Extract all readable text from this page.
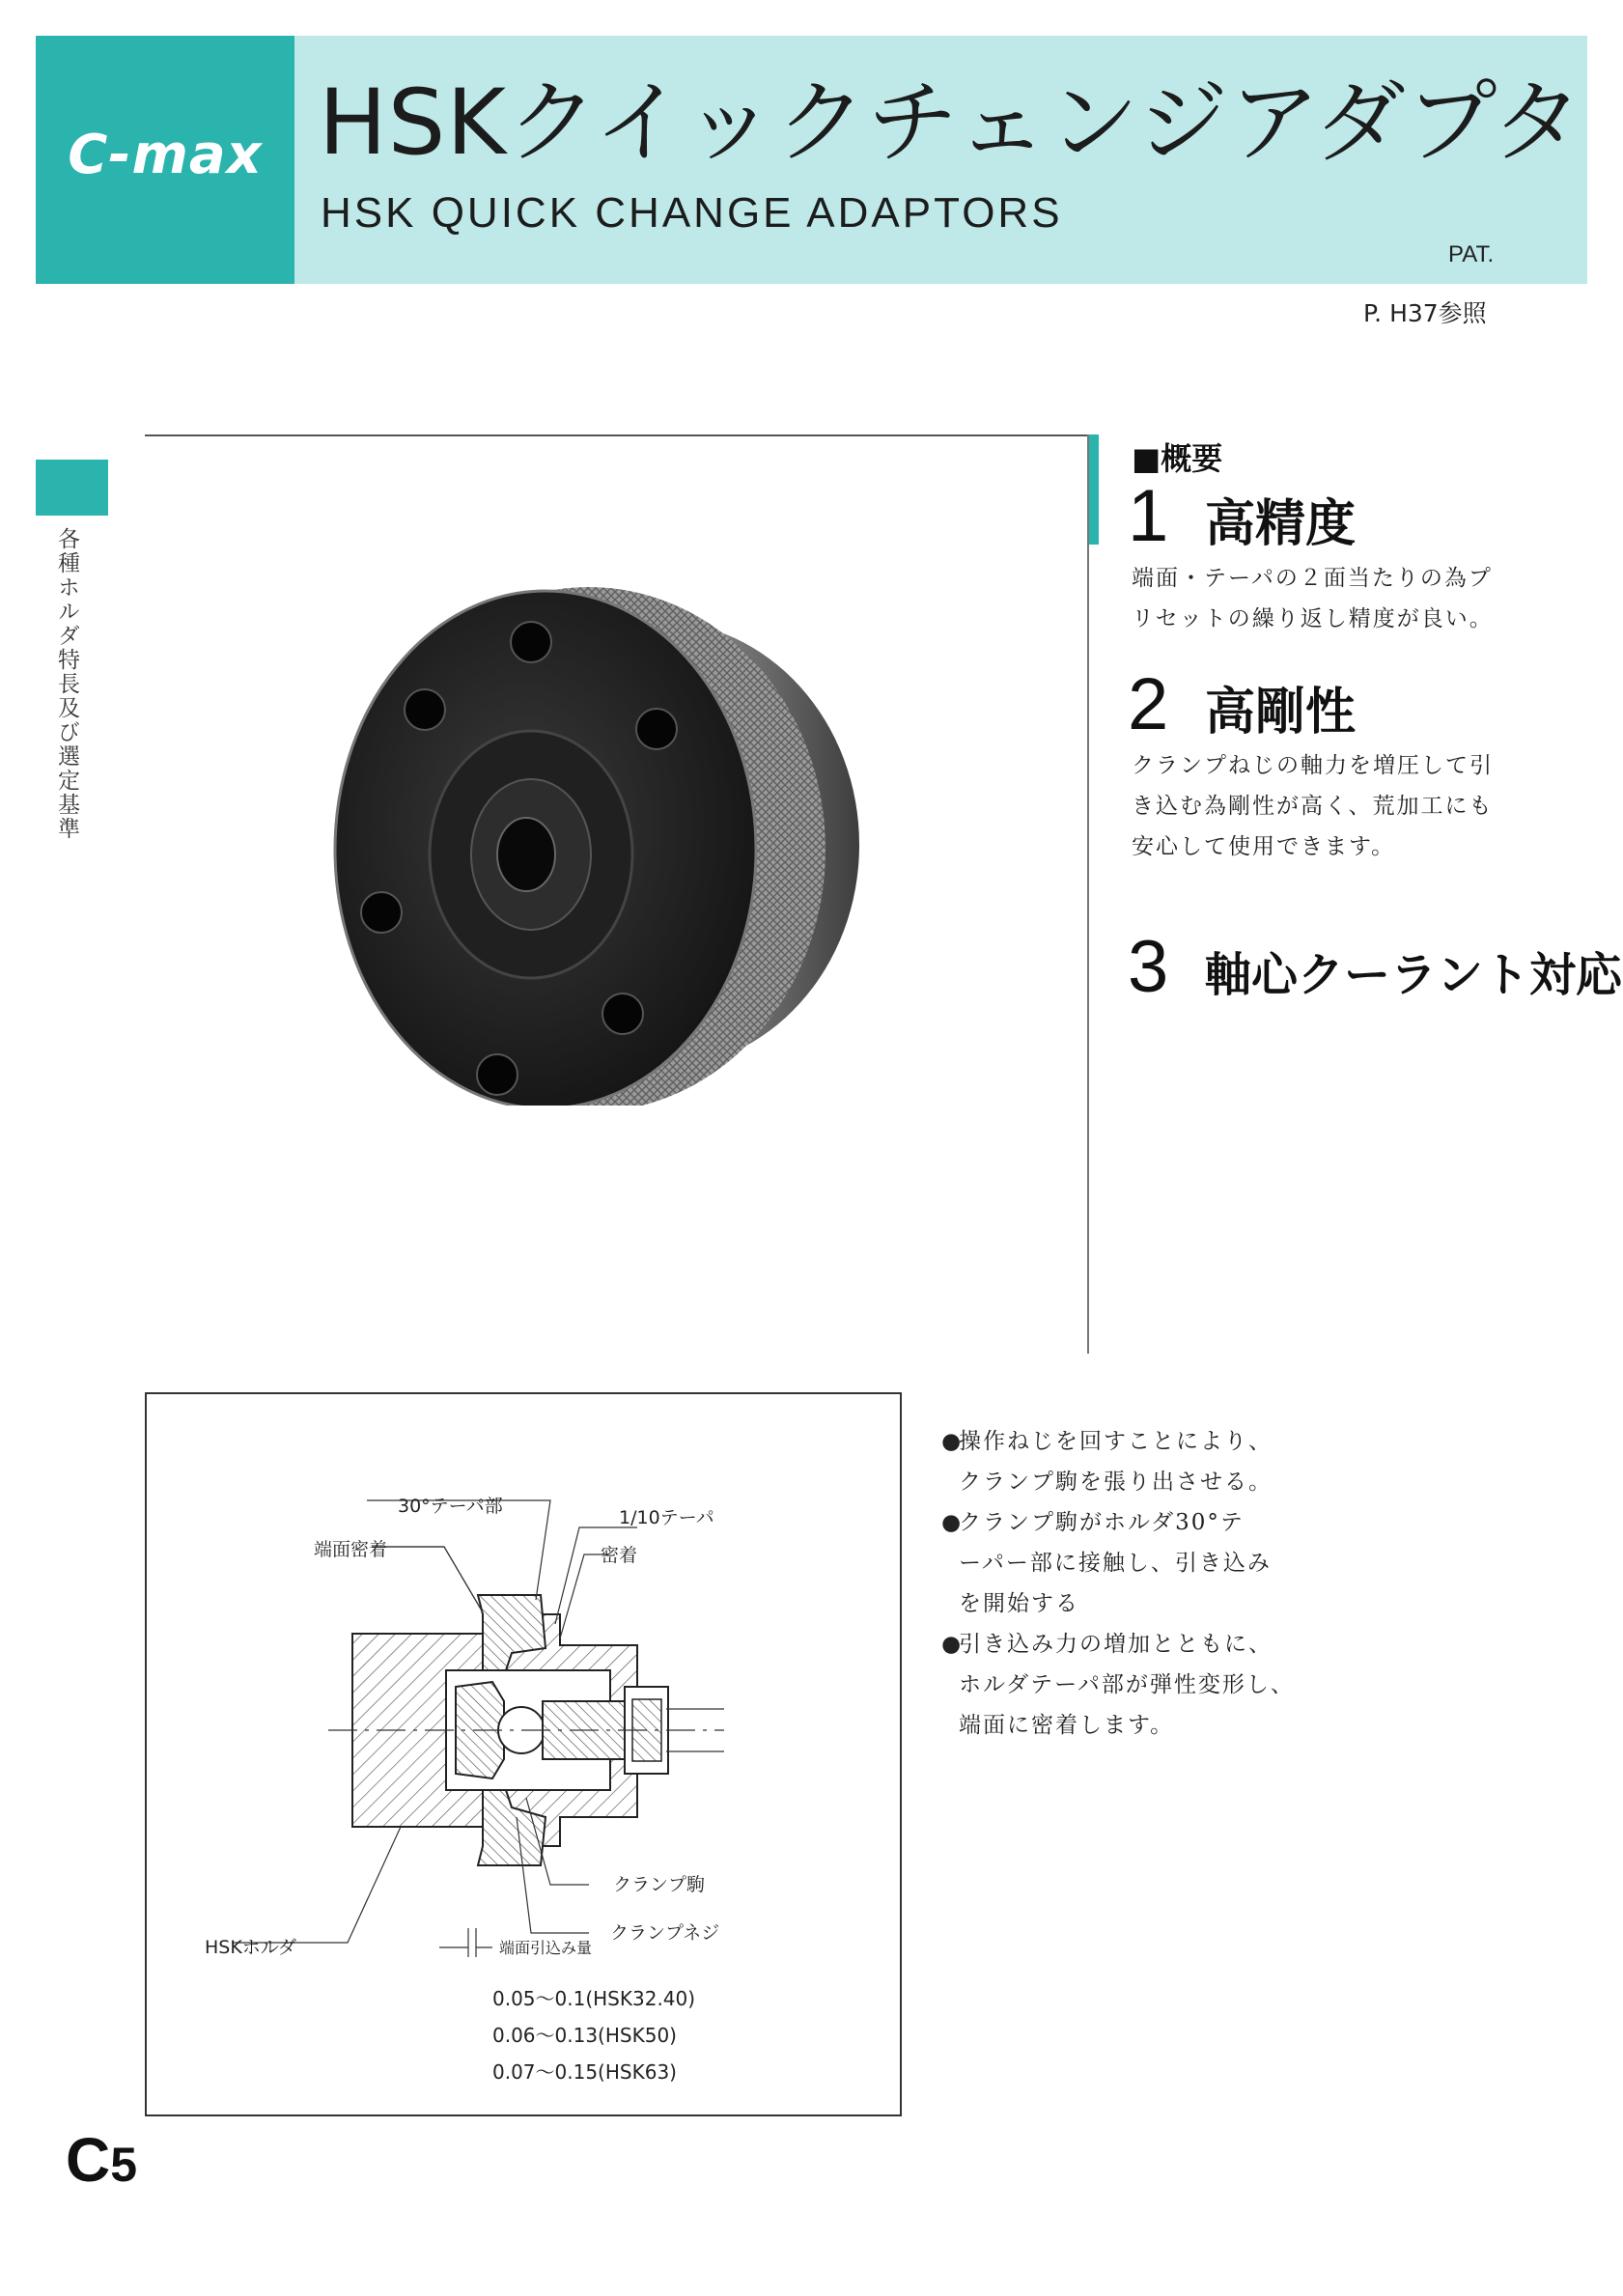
C-max HSKクイックチェンジアダプタ
HSK QUICK CHANGE ADAPTORS
PAT.
P. H37参照
各種ホルダ特長及び選定基準
■概要
1 高精度
端面・テーパの２面当たりの為プ
リセットの繰り返し精度が良い。
2 高剛性
クランプねじの軸力を増圧して引
き込む為剛性が高く、荒加工にも
安心して使用できます。
3 軸心クーラント対応
30°テーパ部
1/10テーパ
端面密着	密着
クランプ駒
クランプネジ
HSKホルダ	端面引込み量
0.05～0.1(HSK32.40)
0.06～0.13(HSK50)
0.07～0.15(HSK63)
●操作ねじを回すことにより、
クランプ駒を張り出させる。
●クランプ駒がホルダ30°テ
ーパー部に接触し、引き込み
を開始する
●引き込み力の増加とともに、
ホルダテーパ部が弾性変形し、
端面に密着します。
C5
